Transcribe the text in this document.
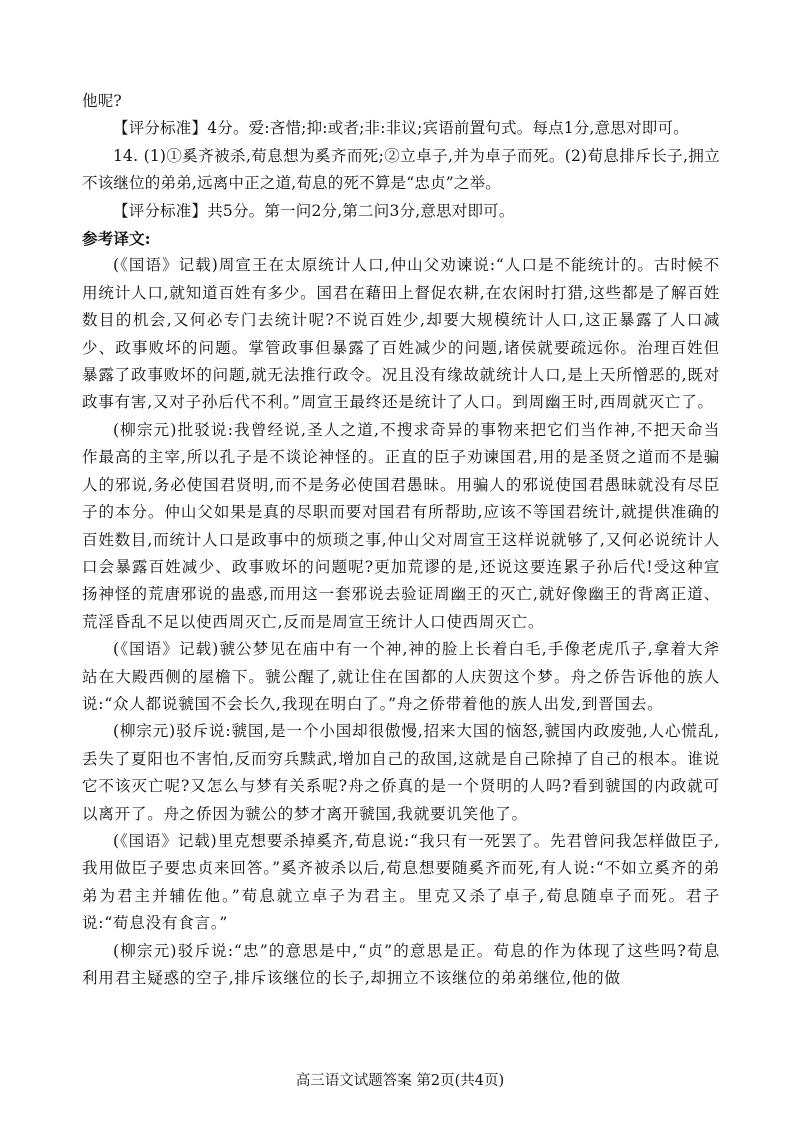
他呢?

【评分标准】4分。爱:吝惜;抑:或者;非:非议;宾语前置句式。每点1分,意思对即可。

14. (1)①奚齐被杀,荀息想为奚齐而死;②立卓子,并为卓子而死。(2)荀息排斥长子,拥立不该继位的弟弟,远离中正之道,荀息的死不算是“忠贞”之举。

【评分标准】共5分。第一问2分,第二问3分,意思对即可。

参考译文:

(《国语》记载)周宣王在太原统计人口,仲山父劝谏说:“人口是不能统计的。古时候不用统计人口,就知道百姓有多少。国君在藉田上督促农耕,在农闲时打猎,这些都是了解百姓数目的机会,又何必专门去统计呢?不说百姓少,却要大规模统计人口,这正暴露了人口减少、政事败坏的问题。掌管政事但暴露了百姓减少的问题,诸侯就要疏远你。治理百姓但暴露了政事败坏的问题,就无法推行政令。况且没有缘故就统计人口,是上天所憎恶的,既对政事有害,又对子孙后代不利。”周宣王最终还是统计了人口。到周幽王时,西周就灭亡了。

(柳宗元)批驳说:我曾经说,圣人之道,不搜求奇异的事物来把它们当作神,不把天命当作最高的主宰,所以孔子是不谈论神怪的。正直的臣子劝谏国君,用的是圣贤之道而不是骗人的邪说,务必使国君贤明,而不是务必使国君愚昧。用骗人的邪说使国君愚昧就没有尽臣子的本分。仲山父如果是真的尽职而要对国君有所帮助,应该不等国君统计,就提供准确的百姓数目,而统计人口是政事中的烦琐之事,仲山父对周宣王这样说就够了,又何必说统计人口会暴露百姓减少、政事败坏的问题呢?更加荒谬的是,还说这要连累子孙后代!受这种宣扬神怪的荒唐邪说的蛊惑,而用这一套邪说去验证周幽王的灭亡,就好像幽王的背离正道、荒淫昏乱不足以使西周灭亡,反而是周宣王统计人口使西周灭亡。

(《国语》记载)虢公梦见在庙中有一个神,神的脸上长着白毛,手像老虎爪子,拿着大斧站在大殿西侧的屋檐下。虢公醒了,就让住在国都的人庆贺这个梦。舟之侨告诉他的族人说:“众人都说虢国不会长久,我现在明白了。”舟之侨带着他的族人出发,到晋国去。

(柳宗元)驳斥说:虢国,是一个小国却很傲慢,招来大国的恼怒,虢国内政废弛,人心慌乱,丢失了夏阳也不害怕,反而穷兵黩武,增加自己的敌国,这就是自己除掉了自己的根本。谁说它不该灭亡呢?又怎么与梦有关系呢?舟之侨真的是一个贤明的人吗?看到虢国的内政就可以离开了。舟之侨因为虢公的梦才离开虢国,我就要讥笑他了。

(《国语》记载)里克想要杀掉奚齐,荀息说:“我只有一死罢了。先君曾问我怎样做臣子,我用做臣子要忠贞来回答。”奚齐被杀以后,荀息想要随奚齐而死,有人说:“不如立奚齐的弟弟为君主并辅佐他。”荀息就立卓子为君主。里克又杀了卓子,荀息随卓子而死。君子说:“荀息没有食言。”

(柳宗元)驳斥说:“忠”的意思是中,“贞”的意思是正。荀息的作为体现了这些吗?荀息利用君主疑惑的空子,排斥该继位的长子,却拥立不该继位的弟弟继位,他的做

高三语文试题答案 第2页(共4页)
